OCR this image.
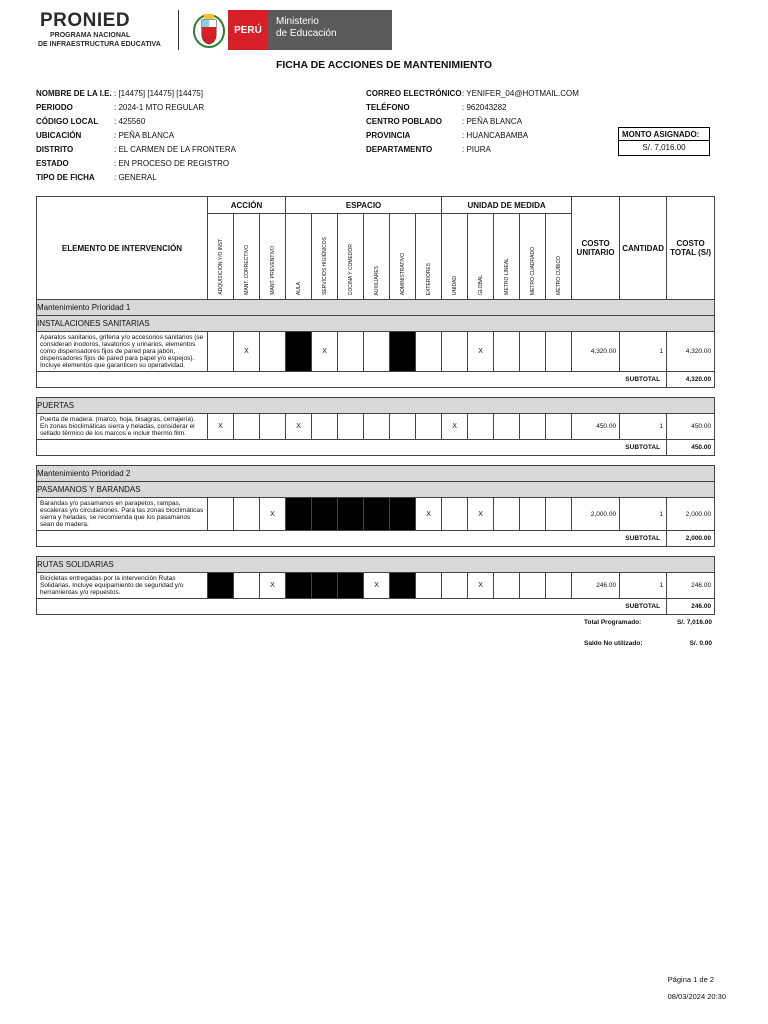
PRONIED
PROGRAMA NACIONAL
DE INFRAESTRUCTURA EDUCATIVA
PERÚ
Ministerio
de Educación
FICHA DE ACCIONES DE MANTENIMIENTO
NOMBRE DE LA I.E. : [14475] [14475] [14475]
PERIODO	: 2024-1 MTO REGULAR
CÓDIGO LOCAL	: 425560
UBICACIÓN	: PEÑA BLANCA
DISTRITO	: EL CARMEN DE LA FRONTERA
ESTADO	: EN PROCESO DE REGISTRO
TIPO DE FICHA	: GENERAL
CORREO ELECTRÓNICO : YENIFER_04@HOTMAIL.COM
TELÉFONO	: 962043282
CENTRO POBLADO	: PEÑA BLANCA
PROVINCIA	: HUANCABAMBA
DEPARTAMENTO	: PIURA
MONTO ASIGNADO:
S/. 7,016.00
ELEMENTO DE INTERVENCIÓN	ACCIÓN			ESPACIO						UNIDAD DE MEDIDA					COSTO UNITARIO	CANTIDAD	COSTO TOTAL (S/)

	ADQUISICIÓN Y/O INST.	MANT. CORRECTIVO	MANT. PREVENTIVO	AULA	SERVICIOS HIGIÉNICOS	COCINA Y COMEDOR	AUXILIARES	ADMINISTRATIVO	EXTERIORES	UNIDAD	GLOBAL	METRO LINEAL	METRO CUADRADO	METRO CÚBICO			

Mantenimiento Prioridad 1																	
INSTALACIONES SANITARIAS																	
Aparatos sanitarios, grifería y/o accesorios sanitarios (se consideran inodoros, lavatorios y urinarios, elementos como dispensadores fijos de pared para jabón, dispensadores fijos de pared para papel y/o espejos). Incluye elementos que garanticen su operatividad.		X			X						X				4,320.00	1	4,320.00
SUBTOTAL																	4,320.00

PUERTAS																	
Puerta de madera. (marco, hoja, bisagras, cerrajería). En zonas bioclimáticas sierra y heladas, considerar el sellado térmico de los marcos e incluir thermo film.	X			X						X					450.00	1	450.00
SUBTOTAL																	450.00

Mantenimiento Prioridad 2																	
PASAMANOS Y BARANDAS																	
Barandas y/o pasamanos en parapetos, rampas, escaleras y/o circulaciones. Para las zonas bioclimáticas sierra y heladas, se recomienda que los pasamanos sean de madera.			X						X		X				2,000.00	1	2,000.00
SUBTOTAL																	2,000.00

RUTAS SOLIDARIAS																	
Bicicletas entregadas por la intervención Rutas Solidarias. Incluye equipamiento de seguridad y/o herramientas y/o repuestos.			X				X				X				246.00	1	246.00
SUBTOTAL																	246.00
Total Programado:	S/. 7,016.00
Saldo No utilizado:	S/. 0.00
Página 1 de 2
08/03/2024 20:30
